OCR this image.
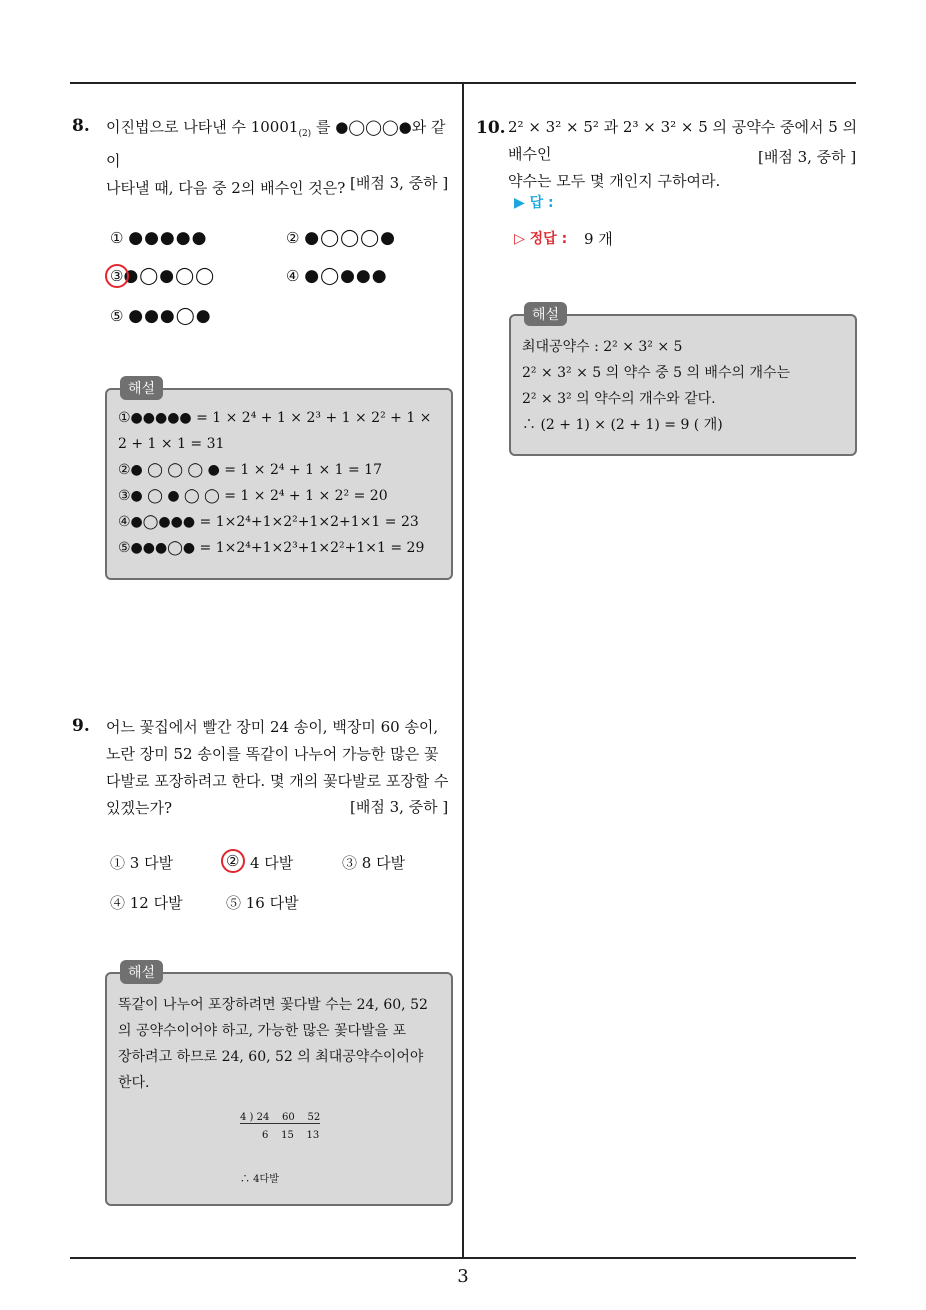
8. 이진법으로 나타낸 수 $10001_{(2)}$ 를 ●◯◯◯●와 같이
나타낼 때, 다음 중 2의 배수인 것은? [배점 3, 중하 ]
① ●●●●●	② ●◯◯◯●
③●◯●◯◯	④ ●◯●●●
⑤ ●●●◯●
해설
①●●●●● = 1 × 2⁴ + 1 × 2³ + 1 × 2² + 1 ×
2 + 1 × 1 = 31
②● ◯ ◯ ◯ ● = 1 × 2⁴ + 1 × 1 = 17
③● ◯ ● ◯ ◯ = 1 × 2⁴ + 1 × 2² = 20
④●◯●●● = 1×2⁴+1×2²+1×2+1×1 = 23
⑤●●●◯● = 1×2⁴+1×2³+1×2²+1×1 = 29
9. 어느 꽃집에서 빨간 장미 24 송이, 백장미 60 송이,
노란 장미 52 송이를 똑같이 나누어 가능한 많은 꽃
다발로 포장하려고 한다. 몇 개의 꽃다발로 포장할 수
있겠는가?	[배점 3, 중하 ]
① 3 다발	② 4 다발	③ 8 다발
④ 12 다발	⑤ 16 다발
해설
똑같이 나누어 포장하려면 꽃다발 수는 24, 60, 52
의 공약수이어야 하고, 가능한 많은 꽃다발을 포
장하려고 하므로 24, 60, 52 의 최대공약수이어야
한다.
4 ) 24    60    52
6    15    13
∴ 4다발
10. 2² × 3² × 5² 과 2³ × 3² × 5 의 공약수 중에서 5 의 배수인
약수는 모두 몇 개인지 구하여라.
[배점 3, 중하 ]
▶ 답 :
▷ 정답 : 9 개
해설
최대공약수 : 2² × 3² × 5
2² × 3² × 5 의 약수 중 5 의 배수의 개수는
2² × 3² 의 약수의 개수와 같다.
∴ (2 + 1) × (2 + 1) = 9 ( 개)
3
